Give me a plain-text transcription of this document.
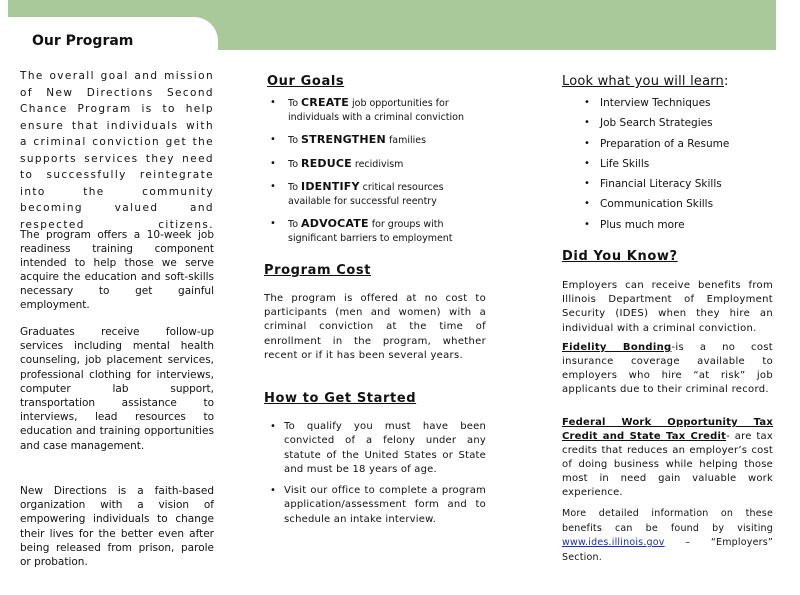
Our Program

The overall goal and mission of New Directions Second Chance Program is to help ensure that individuals with a criminal conviction get the supports services they need to successfully reintegrate into the community becoming valued and respected citizens.

The program offers a 10-week job readiness training component intended to help those we serve acquire the education and soft-skills necessary to get gainful employment.

Graduates receive follow-up services including mental health counseling, job placement services, professional clothing for interviews, computer lab support, transportation assistance to interviews, lead resources to education and training opportunities and case management.

New Directions is a faith-based organization with a vision of empowering individuals to change their lives for the better even after being released from prison, parole or probation.

Our Goals
• To CREATE job opportunities for individuals with a criminal conviction
• To STRENGTHEN families
• To REDUCE recidivism
• To IDENTIFY critical resources available for successful reentry
• To ADVOCATE for groups with significant barriers to employment
Program Cost

The program is offered at no cost to participants (men and women) with a criminal conviction at the time of enrollment in the program, whether recent or if it has been several years.

How to Get Started
• To qualify you must have been convicted of a felony under any statute of the United States or State and must be 18 years of age.
• Visit our office to complete a program application/assessment form and to schedule an intake interview.
Look what you will learn:
• Interview Techniques
• Job Search Strategies
• Preparation of a Resume
• Life Skills
• Financial Literacy Skills
• Communication Skills
• Plus much more
Did You Know?

Employers can receive benefits from Illinois Department of Employment Security (IDES) when they hire an individual with a criminal conviction.

Fidelity Bonding-is a no cost insurance coverage available to employers who hire “at risk” job applicants due to their criminal record.

Federal Work Opportunity Tax Credit and State Tax Credit- are tax credits that reduces an employer’s cost of doing business while helping those most in need gain valuable work experience.

More detailed information on these benefits can be found by visiting www.ides.illinois.gov – “Employers” Section.
